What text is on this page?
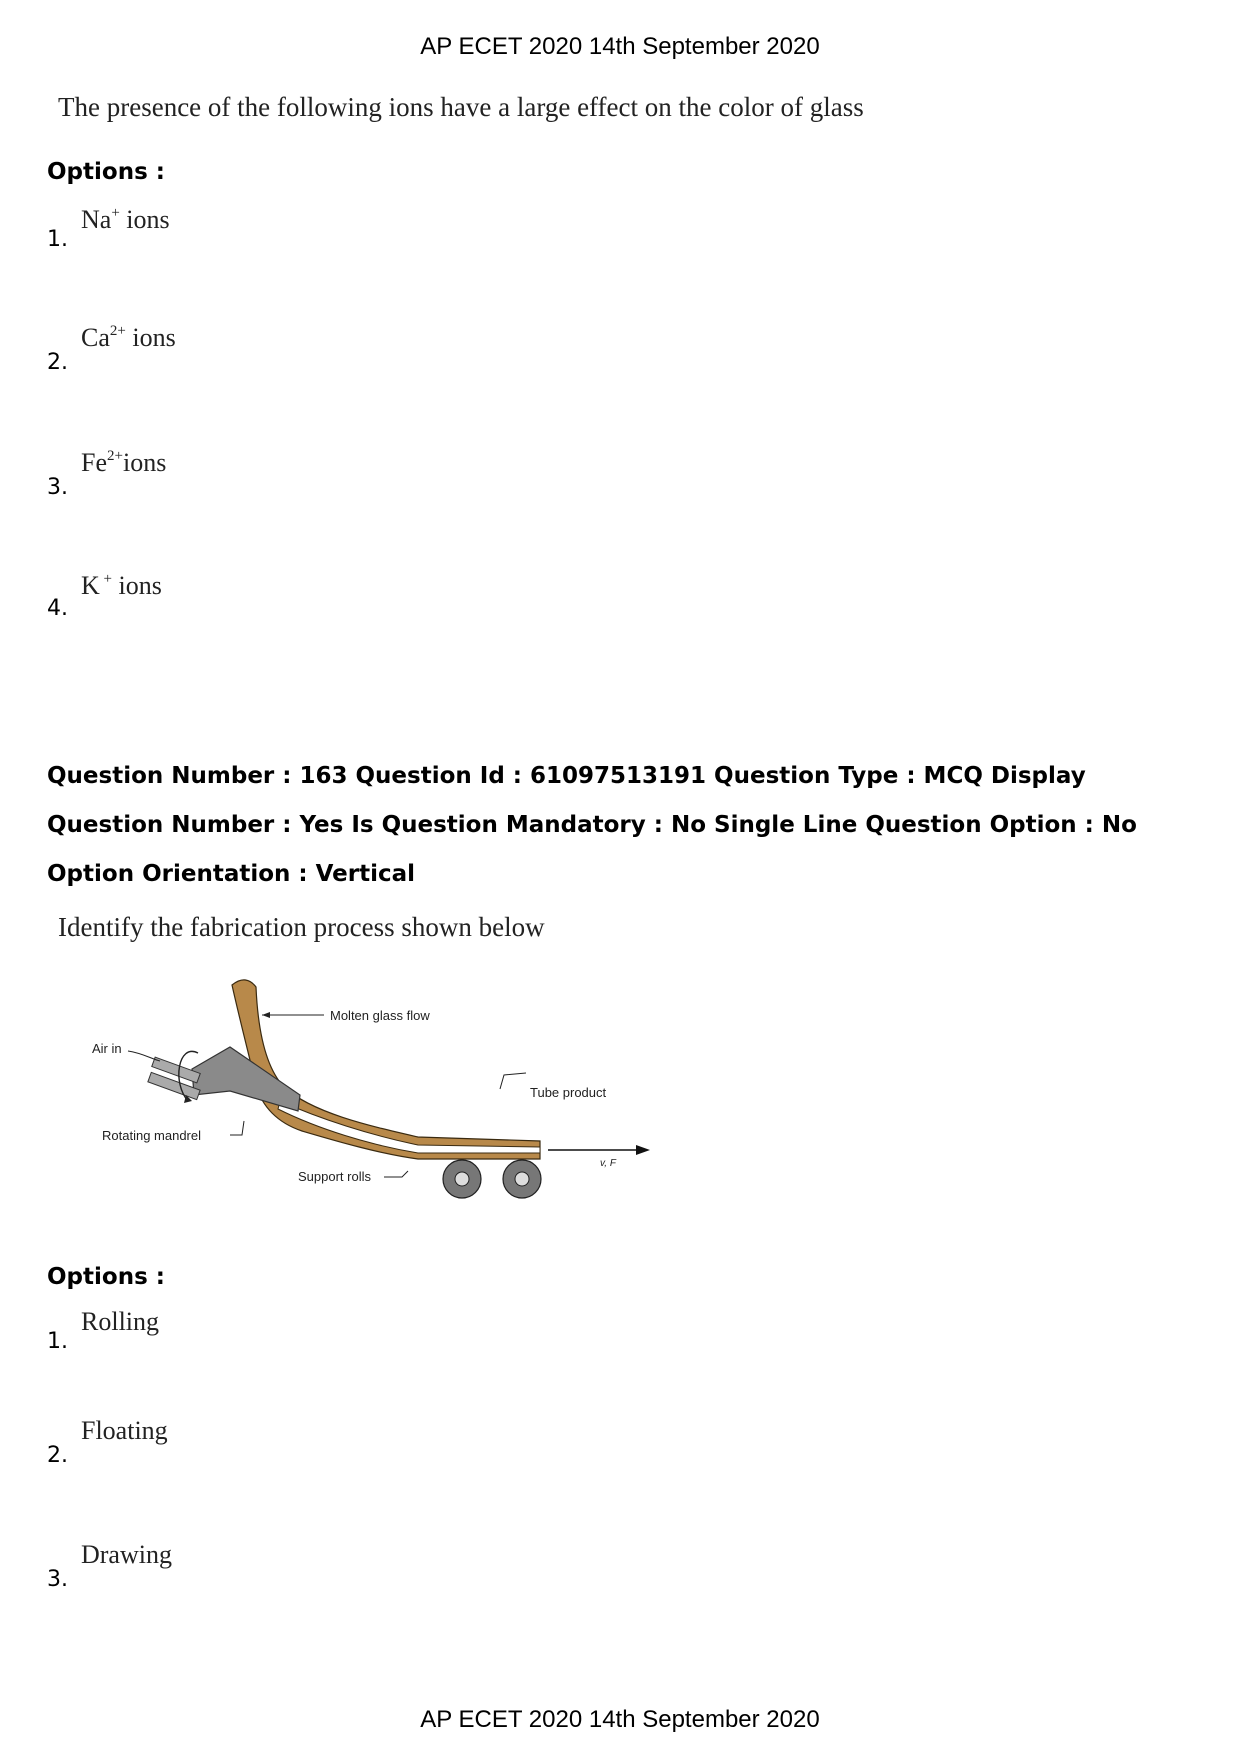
AP ECET 2020 14th September 2020
The presence of the following ions have a large effect on the color of glass
Options :
1.
Na+ ions
2.
$Ca^{2+}$ ions
3.
$Fe^{2+}ions$
4.
K + ions
Question Number : 163 Question Id : 61097513191 Question Type : MCQ Display Question Number : Yes Is Question Mandatory : No Single Line Question Option : No Option Orientation : Vertical
Identify the fabrication process shown below
Molten glass flow
Air in
Tube product
Rotating mandrel
Support rolls
v, F
Options :
1.
Rolling
2.
Floating
3.
Drawing
AP ECET 2020 14th September 2020
